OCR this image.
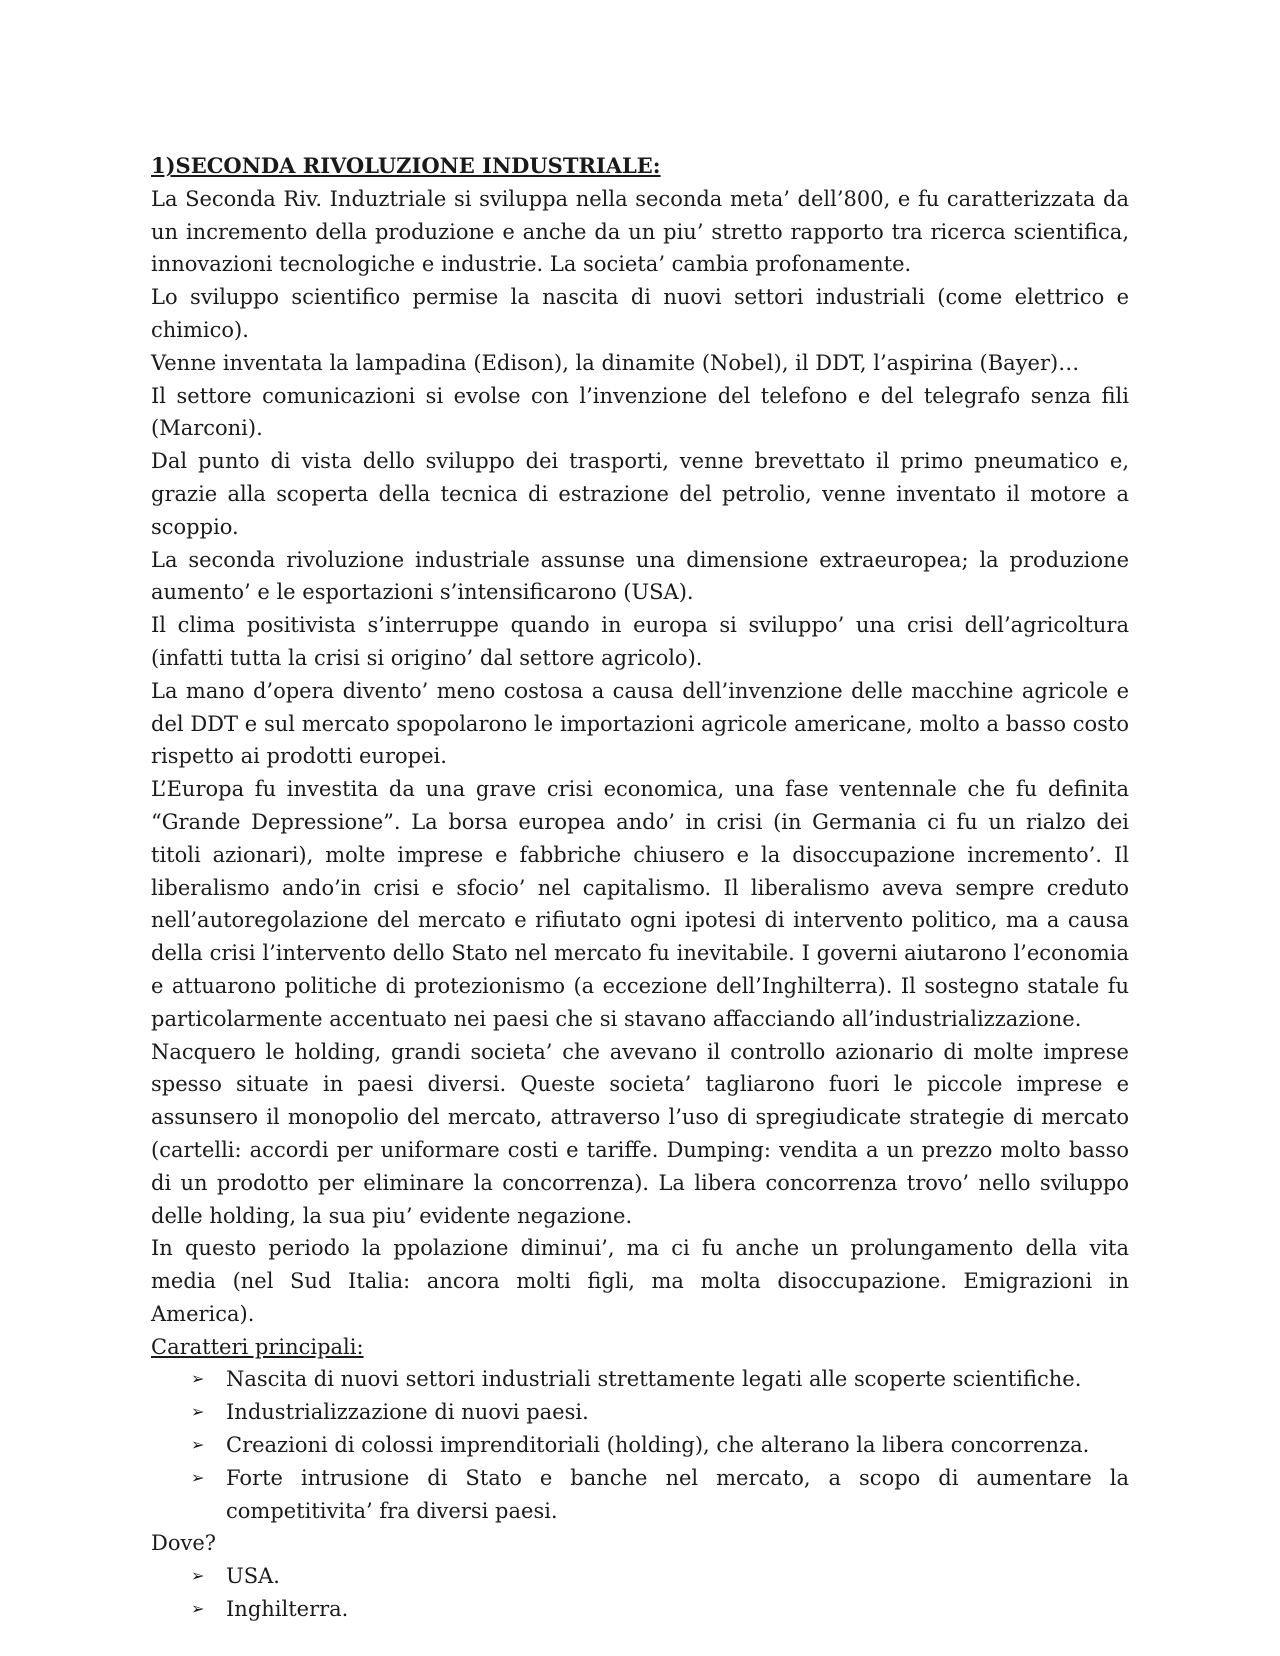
1)SECONDA RIVOLUZIONE INDUSTRIALE:

La Seconda Riv. Induztriale si sviluppa nella seconda meta’ dell’800, e fu caratterizzata da un incremento della produzione e anche da un piu’ stretto rapporto tra ricerca scientifica, innovazioni tecnologiche e industrie. La societa’ cambia profonamente.

Lo sviluppo scientifico permise la nascita di nuovi settori industriali (come elettrico e chimico).

Venne inventata la lampadina (Edison), la dinamite (Nobel), il DDT, l’aspirina (Bayer)…

Il settore comunicazioni si evolse con l’invenzione del telefono e del telegrafo senza fili (Marconi).

Dal punto di vista dello sviluppo dei trasporti, venne brevettato il primo pneumatico e, grazie alla scoperta della tecnica di estrazione del petrolio, venne inventato il motore a scoppio.

La seconda rivoluzione industriale assunse una dimensione extraeuropea; la produzione aumento’ e le esportazioni s’intensificarono (USA).

Il clima positivista s’interruppe quando in europa si sviluppo’ una crisi dell’agricoltura (infatti tutta la crisi si origino’ dal settore agricolo).

La mano d’opera divento’ meno costosa a causa dell’invenzione delle macchine agricole e del DDT e sul mercato spopolarono le importazioni agricole americane, molto a basso costo rispetto ai prodotti europei.

L’Europa fu investita da una grave crisi economica, una fase ventennale che fu definita “Grande Depressione”. La borsa europea ando’ in crisi (in Germania ci fu un rialzo dei titoli azionari), molte imprese e fabbriche chiusero e la disoccupazione incremento’. Il liberalismo ando’in crisi e sfocio’ nel capitalismo. Il liberalismo aveva sempre creduto nell’autoregolazione del mercato e rifiutato ogni ipotesi di intervento politico, ma a causa della crisi l’intervento dello Stato nel mercato fu inevitabile. I governi aiutarono l’economia e attuarono politiche di protezionismo (a eccezione dell’Inghilterra). Il sostegno statale fu particolarmente accentuato nei paesi che si stavano affacciando all’industrializzazione.

Nacquero le holding, grandi societa’ che avevano il controllo azionario di molte imprese spesso situate in paesi diversi. Queste societa’ tagliarono fuori le piccole imprese e assunsero il monopolio del mercato, attraverso l’uso di spregiudicate strategie di mercato (cartelli: accordi per uniformare costi e tariffe. Dumping: vendita a un prezzo molto basso di un prodotto per eliminare la concorrenza). La libera concorrenza trovo’ nello sviluppo delle holding, la sua piu’ evidente negazione.

In questo periodo la ppolazione diminui’, ma ci fu anche un prolungamento della vita media (nel Sud Italia: ancora molti figli, ma molta disoccupazione. Emigrazioni in America).

Caratteri principali:

➢ Nascita di nuovi settori industriali strettamente legati alle scoperte scientifiche.
➢ Industrializzazione di nuovi paesi.
➢ Creazioni di colossi imprenditoriali (holding), che alterano la libera concorrenza.
➢ Forte intrusione di Stato e banche nel mercato, a scopo di aumentare la competitivita’ fra diversi paesi.

Dove?

➢ USA.
➢ Inghilterra.
